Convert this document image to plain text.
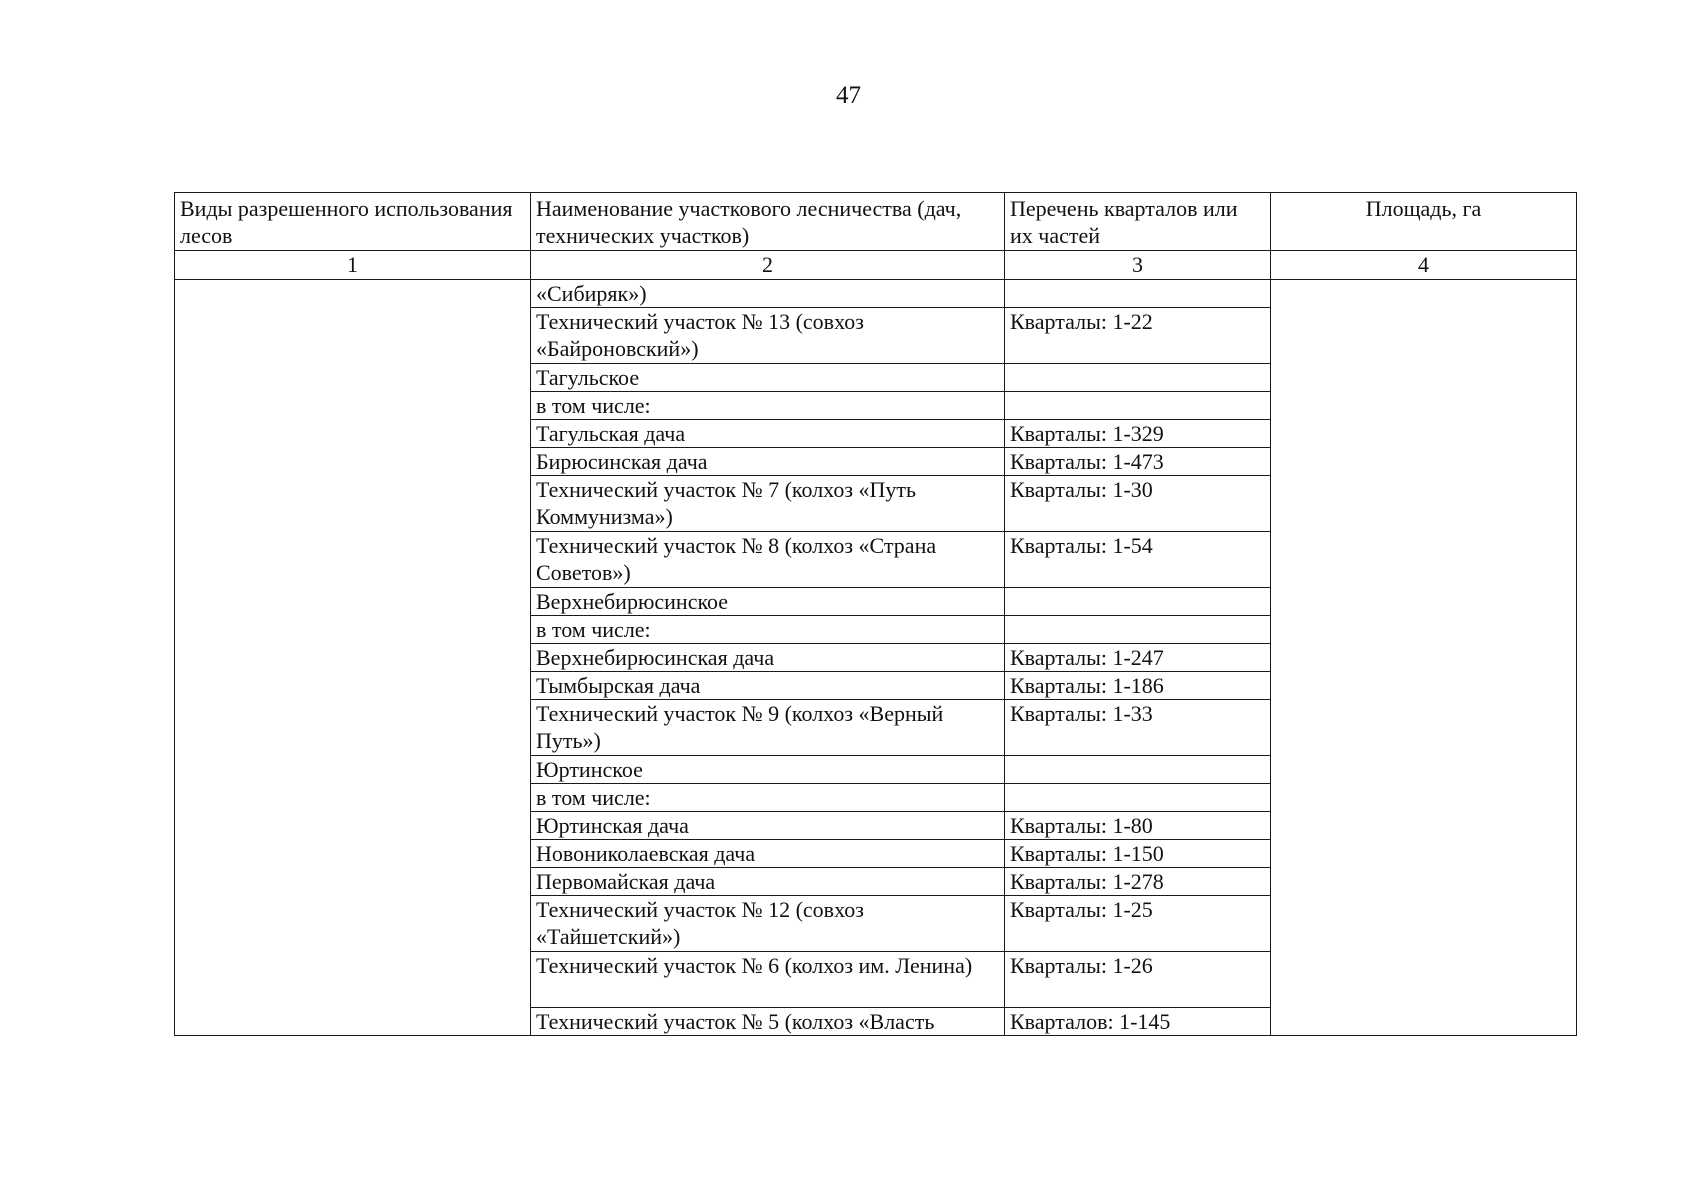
47
Виды разрешенного использования лесов	Наименование участкового лесничества (дач, технических участков)	Перечень кварталов или их частей	Площадь, га
1	2	3	4
	«Сибиряк»)		
	Технический участок № 13 (совхоз «Байроновский»)	Кварталы: 1-22	
	Тагульское		
	в том числе:		
	Тагульская дача	Кварталы: 1-329	
	Бирюсинская дача	Кварталы: 1-473	
	Технический участок № 7 (колхоз «Путь Коммунизма»)	Кварталы: 1-30	
	Технический участок № 8 (колхоз «Страна Советов»)	Кварталы: 1-54	
	Верхнебирюсинское		
	в том числе:		
	Верхнебирюсинская дача	Кварталы: 1-247	
	Тымбырская дача	Кварталы: 1-186	
	Технический участок № 9 (колхоз «Верный Путь»)	Кварталы: 1-33	
	Юртинское		
	в том числе:		
	Юртинская дача	Кварталы: 1-80	
	Новониколаевская дача	Кварталы: 1-150	
	Первомайская дача	Кварталы: 1-278	
	Технический участок № 12 (совхоз «Тайшетский»)	Кварталы: 1-25	
	Технический участок № 6 (колхоз им. Ленина)	Кварталы: 1-26	
	Технический участок № 5 (колхоз «Власть	Кварталов: 1-145	
